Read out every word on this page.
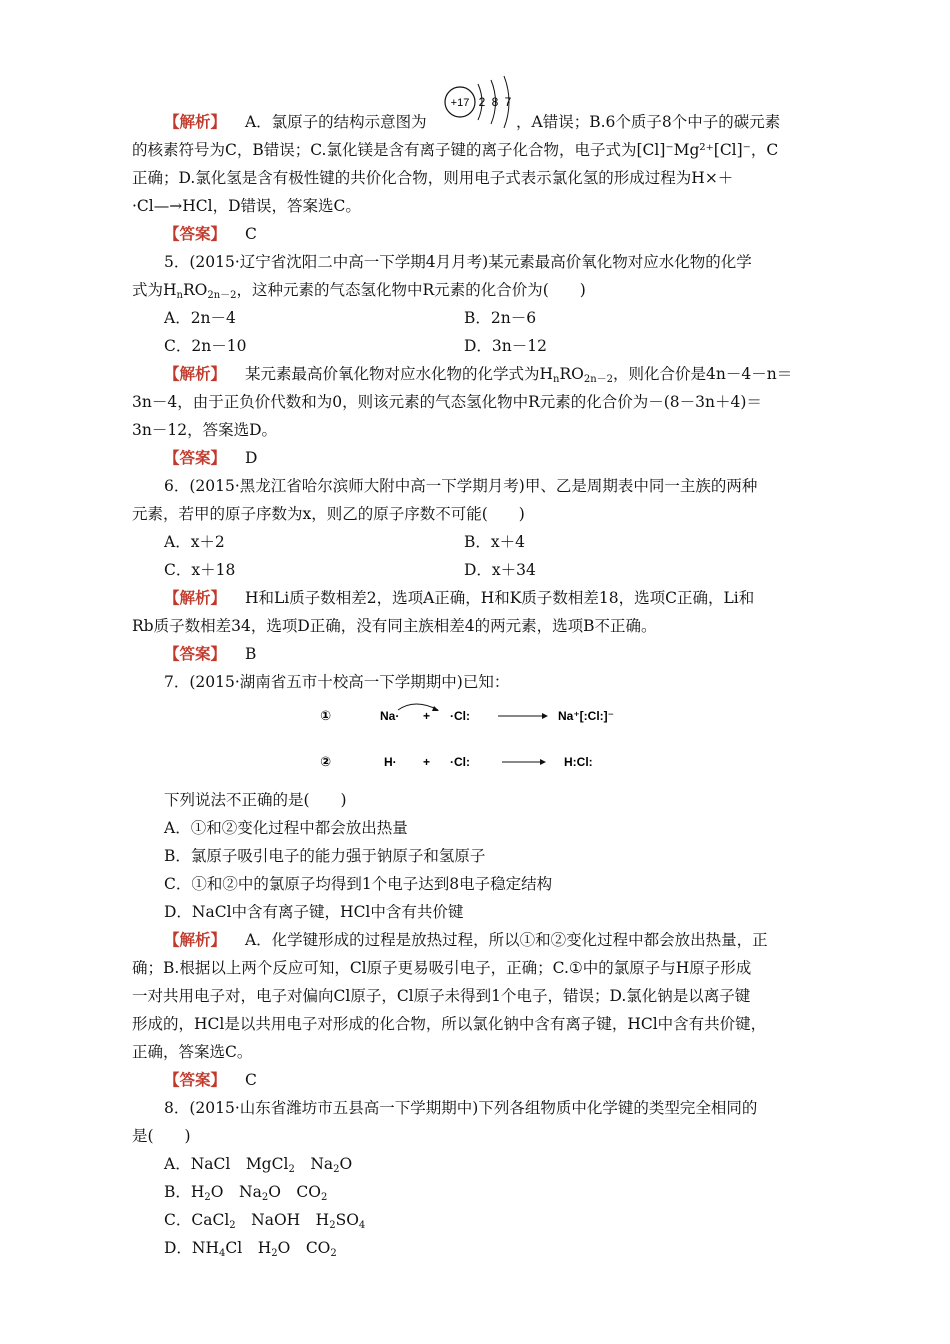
【解析】 A．氯原子的结构示意图为
+17 2 8 7
，A错误；B.6个质子8个中子的碳元素
的核素符号为C，B错误；C.氯化镁是含有离子键的离子化合物，电子式为[Cl]⁻Mg²⁺[Cl]⁻，C
正确；D.氯化氢是含有极性键的共价化合物，则用电子式表示氯化氢的形成过程为H×＋
·Cl—→HCl，D错误，答案选C。
【答案】 C
5．(2015·辽宁省沈阳二中高一下学期4月月考)某元素最高价氧化物对应水化物的化学
式为$H_nRO_{2n-2}$，这种元素的气态氢化物中R元素的化合价为(　　)
A．2n－4	B．2n－6
C．2n－10	D．3n－12
【解析】 某元素最高价氧化物对应水化物的化学式为$H_nRO_{2n-2}$，则化合价是4n－4－n＝
3n－4，由于正负价代数和为0，则该元素的气态氢化物中R元素的化合价为－(8－3n＋4)＝
3n－12，答案选D。
【答案】 D
6．(2015·黑龙江省哈尔滨师大附中高一下学期月考)甲、乙是周期表中同一主族的两种
元素，若甲的原子序数为x，则乙的原子序数不可能(　　)
A．x＋2	B．x＋4
C．x＋18	D．x＋34
【解析】 H和Li质子数相差2，选项A正确，H和K质子数相差18，选项C正确，Li和
Rb质子数相差34，选项D正确，没有同主族相差4的两元素，选项B不正确。
【答案】 B
7．(2015·湖南省五市十校高一下学期期中)已知：
①	Na· + ·Cl:	Na⁺[:Cl:]⁻
②	H· + ·Cl:	H:Cl:
下列说法不正确的是(　　)
A．①和②变化过程中都会放出热量
B．氯原子吸引电子的能力强于钠原子和氢原子
C．①和②中的氯原子均得到1个电子达到8电子稳定结构
D．NaCl中含有离子键，HCl中含有共价键
【解析】 A．化学键形成的过程是放热过程，所以①和②变化过程中都会放出热量，正
确；B.根据以上两个反应可知，Cl原子更易吸引电子，正确；C.①中的氯原子与H原子形成
一对共用电子对，电子对偏向Cl原子，Cl原子未得到1个电子，错误；D.氯化钠是以离子键
形成的，HCl是以共用电子对形成的化合物，所以氯化钠中含有离子键，HCl中含有共价键，
正确，答案选C。
【答案】 C
8．(2015·山东省潍坊市五县高一下学期期中)下列各组物质中化学键的类型完全相同的
是(　　)
A．NaCl　MgCl$_2$　$Na_2O$
B．$H_2O$　$Na_2O$　$CO_2$
C．CaCl$_2$　NaOH　$H_2SO_4$
D．$NH_4Cl$　$H_2O$　$CO_2$
